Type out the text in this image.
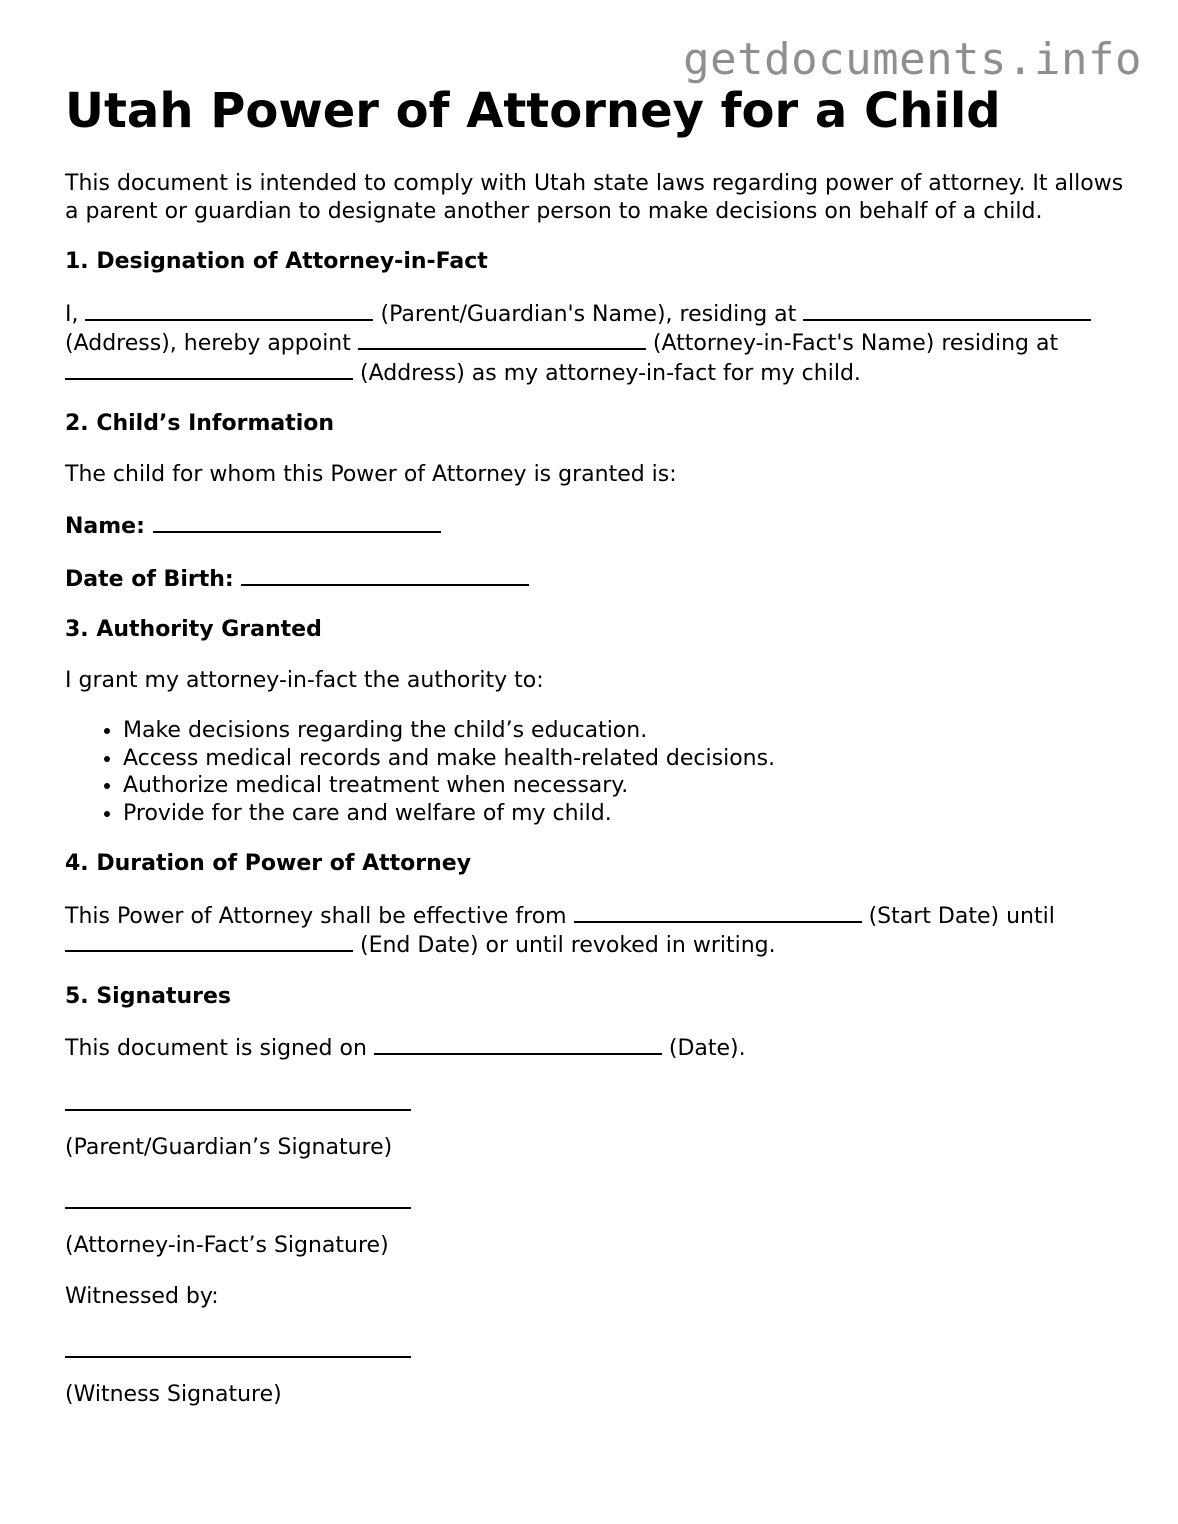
getdocuments.info
Utah Power of Attorney for a Child

This document is intended to comply with Utah state laws regarding power of attorney. It allows a parent or guardian to designate another person to make decisions on behalf of a child.

1. Designation of Attorney-in-Fact

I,	(Parent/Guardian's Name), residing at  (Address), hereby appoint	(Attorney-in-Fact's Name) residing at  (Address) as my attorney-in-fact for my child.

2. Child’s Information

The child for whom this Power of Attorney is granted is:

Name:

Date of Birth:

3. Authority Granted

I grant my attorney-in-fact the authority to:

• Make decisions regarding the child’s education.
• Access medical records and make health-related decisions.
• Authorize medical treatment when necessary.
• Provide for the care and welfare of my child.

4. Duration of Power of Attorney

This Power of Attorney shall be effective from	(Start Date) until  (End Date) or until revoked in writing.

5. Signatures

This document is signed on	(Date).

(Parent/Guardian’s Signature)

(Attorney-in-Fact’s Signature)

Witnessed by:

(Witness Signature)
